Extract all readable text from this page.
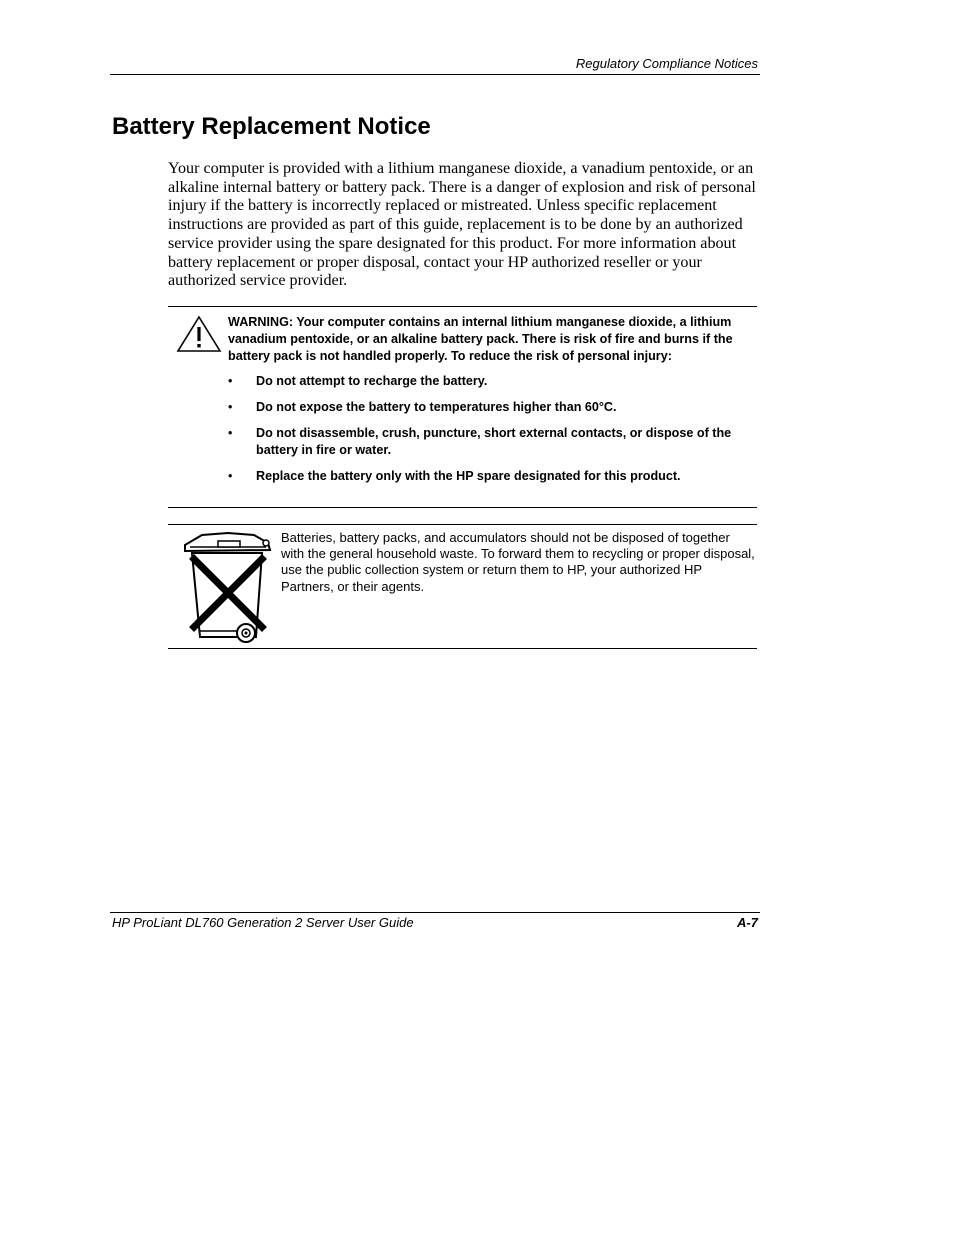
Regulatory Compliance Notices
Battery Replacement Notice

Your computer is provided with a lithium manganese dioxide, a vanadium pentoxide, or an alkaline internal battery or battery pack. There is a danger of explosion and risk of personal injury if the battery is incorrectly replaced or mistreated. Unless specific replacement instructions are provided as part of this guide, replacement is to be done by an authorized service provider using the spare designated for this product. For more information about battery replacement or proper disposal, contact your HP authorized reseller or your authorized service provider.

WARNING: Your computer contains an internal lithium manganese dioxide, a lithium vanadium pentoxide, or an alkaline battery pack. There is risk of fire and burns if the battery pack is not handled properly. To reduce the risk of personal injury:

• Do not attempt to recharge the battery.
• Do not expose the battery to temperatures higher than 60°C.
• Do not disassemble, crush, puncture, short external contacts, or dispose of the battery in fire or water.
• Replace the battery only with the HP spare designated for this product.

Batteries, battery packs, and accumulators should not be disposed of together with the general household waste. To forward them to recycling or proper disposal, use the public collection system or return them to HP, your authorized HP Partners, or their agents.

HP ProLiant DL760 Generation 2 Server User Guide	A-7
